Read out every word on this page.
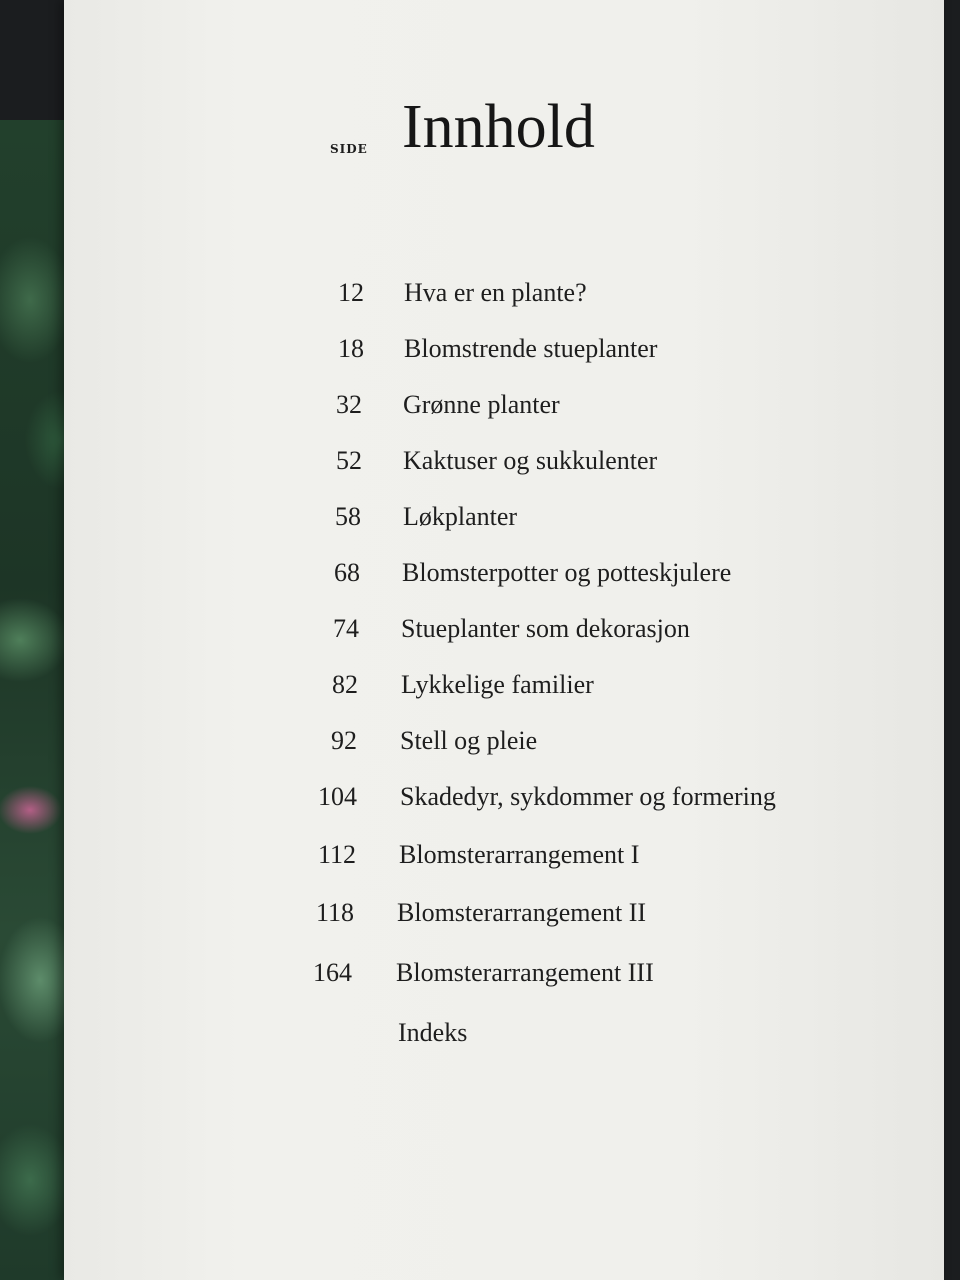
SIDE Innhold
12 Hva er en plante?
18 Blomstrende stueplanter
32 Grønne planter
52 Kaktuser og sukkulenter
58 Løkplanter
68 Blomsterpotter og potteskjulere
74 Stueplanter som dekorasjon
82 Lykkelige familier
92 Stell og pleie
104 Skadedyr, sykdommer og formering
112 Blomsterarrangement I
118 Blomsterarrangement II
164 Blomsterarrangement III
Indeks
